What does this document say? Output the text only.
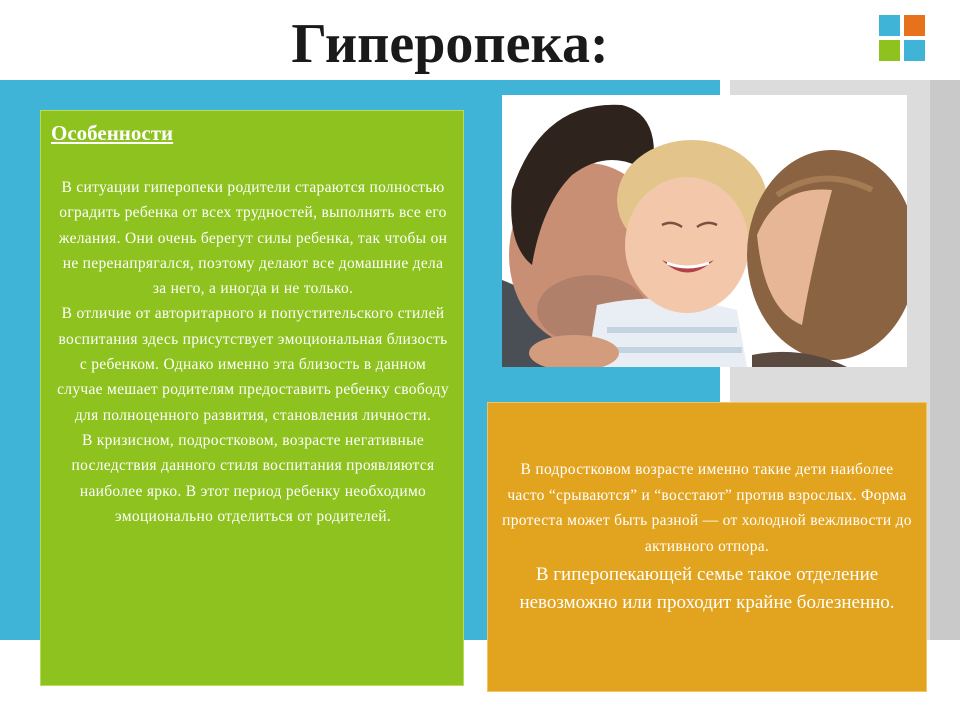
Гиперопека:
Особенности

В ситуации гиперопеки родители стараются полностью оградить ребенка от всех трудностей, выполнять все его желания. Они очень берегут силы ребенка, так чтобы он не перенапрягался, поэтому делают все домашние дела за него, а иногда и не только.

В отличие от авторитарного и попустительского стилей воспитания здесь присутствует эмоциональная близость с ребенком. Однако именно эта близость в данном случае мешает родителям предоставить ребенку свободу для полноценного развития, становления личности.

В кризисном, подростковом, возрасте негативные последствия данного стиля воспитания проявляются наиболее ярко. В этот период ребенку необходимо эмоционально отделиться от родителей.

В подростковом возрасте именно такие дети наиболее часто “срываются” и “восстают” против взрослых. Форма протеста может быть разной — от холодной вежливости до активного отпора.

В гиперопекающей семье такое отделение невозможно или проходит крайне болезненно.
